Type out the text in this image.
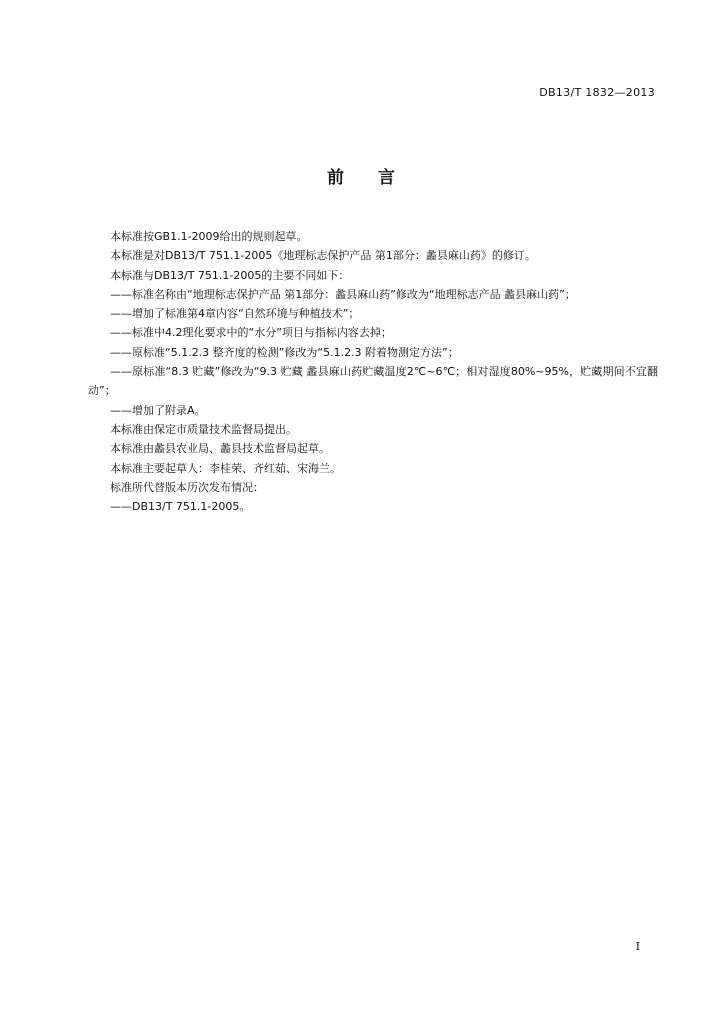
DB13/T 1832—2013
前 言

本标准按GB1.1-2009给出的规则起草。

本标准是对DB13/T 751.1-2005《地理标志保护产品 第1部分：蠡县麻山药》的修订。

本标准与DB13/T 751.1-2005的主要不同如下：

——标准名称由“地理标志保护产品 第1部分：蠡县麻山药”修改为“地理标志产品 蠡县麻山药”；

——增加了标准第4章内容“自然环境与种植技术”；

——标准中4.2理化要求中的“水分”项目与指标内容去掉；

——原标准“5.1.2.3 整齐度的检测”修改为“5.1.2.3 附着物测定方法”；

——原标准“8.3 贮藏”修改为“9.3 贮藏 蠡县麻山药贮藏温度2℃~6℃；相对湿度80%~95%，贮藏期间不宜翻动”；

——增加了附录A。

本标准由保定市质量技术监督局提出。

本标准由蠡县农业局、蠡县技术监督局起草。

本标准主要起草人：李桂荣、齐红茹、宋海兰。

标准所代替版本历次发布情况：

——DB13/T 751.1-2005。

I
